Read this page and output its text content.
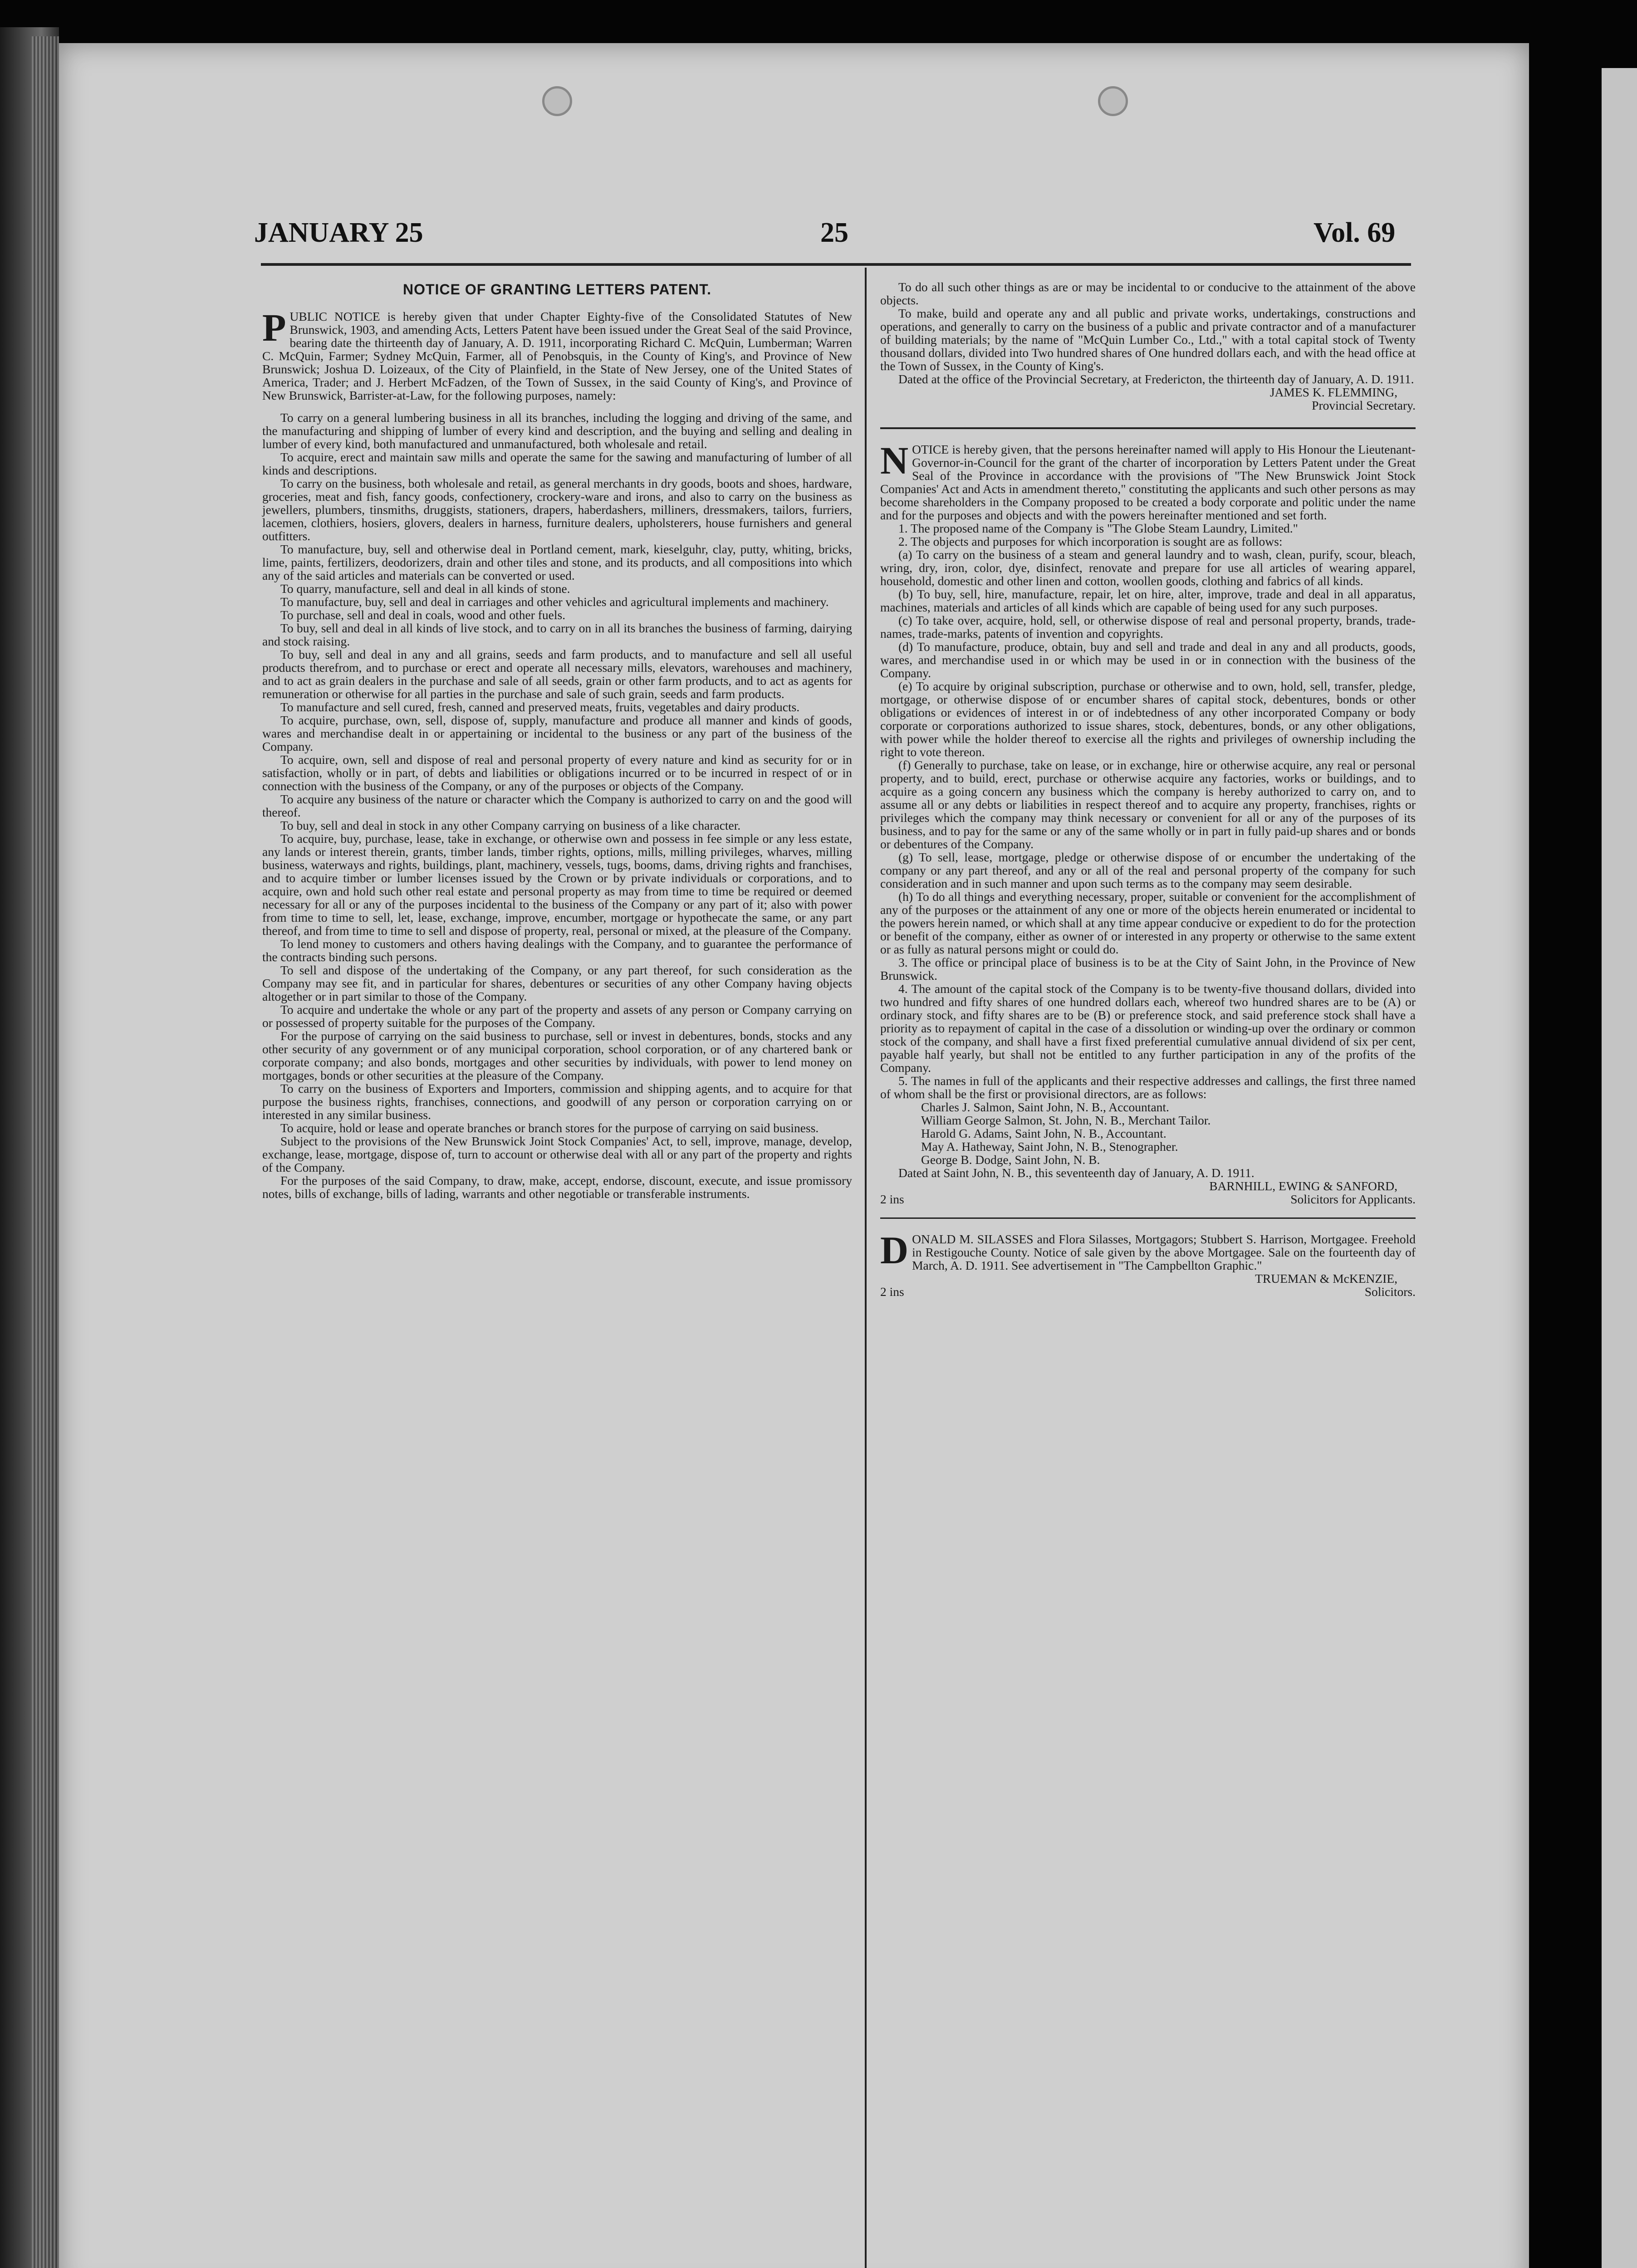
JANUARY 25	25	Vol. 69

NOTICE OF GRANTING LETTERS PATENT.

PUBLIC NOTICE is hereby given that under Chapter Eighty-five of the Consolidated Statutes of New Brunswick, 1903, and amending Acts, Letters Patent have been issued under the Great Seal of the said Province, bearing date the thirteenth day of January, A. D. 1911, incorporating Richard C. McQuin, Lumberman; Warren C. McQuin, Farmer; Sydney McQuin, Farmer, all of Penobsquis, in the County of King's, and Province of New Brunswick; Joshua D. Loizeaux, of the City of Plainfield, in the State of New Jersey, one of the United States of America, Trader; and J. Herbert McFadzen, of the Town of Sussex, in the said County of King's, and Province of New Brunswick, Barrister-at-Law, for the following purposes, namely:

To carry on a general lumbering business in all its branches, including the logging and driving of the same, and the manufacturing and shipping of lumber of every kind and description, and the buying and selling and dealing in lumber of every kind, both manufactured and unmanufactured, both wholesale and retail.

To acquire, erect and maintain saw mills and operate the same for the sawing and manufacturing of lumber of all kinds and descriptions.

To carry on the business, both wholesale and retail, as general merchants in dry goods, boots and shoes, hardware, groceries, meat and fish, fancy goods, confectionery, crockery-ware and irons, and also to carry on the business as jewellers, plumbers, tinsmiths, druggists, stationers, drapers, haberdashers, milliners, dressmakers, tailors, furriers, lacemen, clothiers, hosiers, glovers, dealers in harness, furniture dealers, upholsterers, house furnishers and general outfitters.

To manufacture, buy, sell and otherwise deal in Portland cement, mark, kieselguhr, clay, putty, whiting, bricks, lime, paints, fertilizers, deodorizers, drain and other tiles and stone, and its products, and all compositions into which any of the said articles and materials can be converted or used.

To quarry, manufacture, sell and deal in all kinds of stone.

To manufacture, buy, sell and deal in carriages and other vehicles and agricultural implements and machinery.

To purchase, sell and deal in coals, wood and other fuels.

To buy, sell and deal in all kinds of live stock, and to carry on in all its branches the business of farming, dairying and stock raising.

To buy, sell and deal in any and all grains, seeds and farm products, and to manufacture and sell all useful products therefrom, and to purchase or erect and operate all necessary mills, elevators, warehouses and machinery, and to act as grain dealers in the purchase and sale of all seeds, grain or other farm products, and to act as agents for remuneration or otherwise for all parties in the purchase and sale of such grain, seeds and farm products.

To manufacture and sell cured, fresh, canned and preserved meats, fruits, vegetables and dairy products.

To acquire, purchase, own, sell, dispose of, supply, manufacture and produce all manner and kinds of goods, wares and merchandise dealt in or appertaining or incidental to the business or any part of the business of the Company.

To acquire, own, sell and dispose of real and personal property of every nature and kind as security for or in satisfaction, wholly or in part, of debts and liabilities or obligations incurred or to be incurred in respect of or in connection with the business of the Company, or any of the purposes or objects of the Company.

To acquire any business of the nature or character which the Company is authorized to carry on and the good will thereof.

To buy, sell and deal in stock in any other Company carrying on business of a like character.

To acquire, buy, purchase, lease, take in exchange, or otherwise own and possess in fee simple or any less estate, any lands or interest therein, grants, timber lands, timber rights, options, mills, milling privileges, wharves, milling business, waterways and rights, buildings, plant, machinery, vessels, tugs, booms, dams, driving rights and franchises, and to acquire timber or lumber licenses issued by the Crown or by private individuals or corporations, and to acquire, own and hold such other real estate and personal property as may from time to time be required or deemed necessary for all or any of the purposes incidental to the business of the Company or any part of it; also with power from time to time to sell, let, lease, exchange, improve, encumber, mortgage or hypothecate the same, or any part thereof, and from time to time to sell and dispose of property, real, personal or mixed, at the pleasure of the Company.

To lend money to customers and others having dealings with the Company, and to guarantee the performance of the contracts binding such persons.

To sell and dispose of the undertaking of the Company, or any part thereof, for such consideration as the Company may see fit, and in particular for shares, debentures or securities of any other Company having objects altogether or in part similar to those of the Company.

To acquire and undertake the whole or any part of the property and assets of any person or Company carrying on or possessed of property suitable for the purposes of the Company.

For the purpose of carrying on the said business to purchase, sell or invest in debentures, bonds, stocks and any other security of any government or of any municipal corporation, school corporation, or of any chartered bank or corporate company; and also bonds, mortgages and other securities by individuals, with power to lend money on mortgages, bonds or other securities at the pleasure of the Company.

To carry on the business of Exporters and Importers, commission and shipping agents, and to acquire for that purpose the business rights, franchises, connections, and goodwill of any person or corporation carrying on or interested in any similar business.

To acquire, hold or lease and operate branches or branch stores for the purpose of carrying on said business.

Subject to the provisions of the New Brunswick Joint Stock Companies' Act, to sell, improve, manage, develop, exchange, lease, mortgage, dispose of, turn to account or otherwise deal with all or any part of the property and rights of the Company.

For the purposes of the said Company, to draw, make, accept, endorse, discount, execute, and issue promissory notes, bills of exchange, bills of lading, warrants and other negotiable or transferable instruments.

To do all such other things as are or may be incidental to or conducive to the attainment of the above objects.

To make, build and operate any and all public and private works, undertakings, constructions and operations, and generally to carry on the business of a public and private contractor and of a manufacturer of building materials; by the name of "McQuin Lumber Co., Ltd.," with a total capital stock of Twenty thousand dollars, divided into Two hundred shares of One hundred dollars each, and with the head office at the Town of Sussex, in the County of King's.

Dated at the office of the Provincial Secretary, at Fredericton, the thirteenth day of January, A. D. 1911.

JAMES K. FLEMMING,

Provincial Secretary.

NOTICE is hereby given, that the persons hereinafter named will apply to His Honour the Lieutenant-Governor-in-Council for the grant of the charter of incorporation by Letters Patent under the Great Seal of the Province in accordance with the provisions of "The New Brunswick Joint Stock Companies' Act and Acts in amendment thereto," constituting the applicants and such other persons as may become shareholders in the Company proposed to be created a body corporate and politic under the name and for the purposes and objects and with the powers hereinafter mentioned and set forth.

1. The proposed name of the Company is "The Globe Steam Laundry, Limited."

2. The objects and purposes for which incorporation is sought are as follows:

(a) To carry on the business of a steam and general laundry and to wash, clean, purify, scour, bleach, wring, dry, iron, color, dye, disinfect, renovate and prepare for use all articles of wearing apparel, household, domestic and other linen and cotton, woollen goods, clothing and fabrics of all kinds.

(b) To buy, sell, hire, manufacture, repair, let on hire, alter, improve, trade and deal in all apparatus, machines, materials and articles of all kinds which are capable of being used for any such purposes.

(c) To take over, acquire, hold, sell, or otherwise dispose of real and personal property, brands, trade-names, trade-marks, patents of invention and copyrights.

(d) To manufacture, produce, obtain, buy and sell and trade and deal in any and all products, goods, wares, and merchandise used in or which may be used in or in connection with the business of the Company.

(e) To acquire by original subscription, purchase or otherwise and to own, hold, sell, transfer, pledge, mortgage, or otherwise dispose of or encumber shares of capital stock, debentures, bonds or other obligations or evidences of interest in or of indebtedness of any other incorporated Company or body corporate or corporations authorized to issue shares, stock, debentures, bonds, or any other obligations, with power while the holder thereof to exercise all the rights and privileges of ownership including the right to vote thereon.

(f) Generally to purchase, take on lease, or in exchange, hire or otherwise acquire, any real or personal property, and to build, erect, purchase or otherwise acquire any factories, works or buildings, and to acquire as a going concern any business which the company is hereby authorized to carry on, and to assume all or any debts or liabilities in respect thereof and to acquire any property, franchises, rights or privileges which the company may think necessary or convenient for all or any of the purposes of its business, and to pay for the same or any of the same wholly or in part in fully paid-up shares and or bonds or debentures of the Company.

(g) To sell, lease, mortgage, pledge or otherwise dispose of or encumber the undertaking of the company or any part thereof, and any or all of the real and personal property of the company for such consideration and in such manner and upon such terms as to the company may seem desirable.

(h) To do all things and everything necessary, proper, suitable or convenient for the accomplishment of any of the purposes or the attainment of any one or more of the objects herein enumerated or incidental to the powers herein named, or which shall at any time appear conducive or expedient to do for the protection or benefit of the company, either as owner of or interested in any property or otherwise to the same extent or as fully as natural persons might or could do.

3. The office or principal place of business is to be at the City of Saint John, in the Province of New Brunswick.

4. The amount of the capital stock of the Company is to be twenty-five thousand dollars, divided into two hundred and fifty shares of one hundred dollars each, whereof two hundred shares are to be (A) or ordinary stock, and fifty shares are to be (B) or preference stock, and said preference stock shall have a priority as to repayment of capital in the case of a dissolution or winding-up over the ordinary or common stock of the company, and shall have a first fixed preferential cumulative annual dividend of six per cent, payable half yearly, but shall not be entitled to any further participation in any of the profits of the Company.

5. The names in full of the applicants and their respective addresses and callings, the first three named of whom shall be the first or provisional directors, are as follows:

Charles J. Salmon, Saint John, N. B., Accountant.

William George Salmon, St. John, N. B., Merchant Tailor.

Harold G. Adams, Saint John, N. B., Accountant.

May A. Hatheway, Saint John, N. B., Stenographer.

George B. Dodge, Saint John, N. B.

Dated at Saint John, N. B., this seventeenth day of January, A. D. 1911.

BARNHILL, EWING & SANFORD,

2 ins	Solicitors for Applicants.

DONALD M. SILASSES and Flora Silasses, Mortgagors; Stubbert S. Harrison, Mortgagee. Freehold in Restigouche County. Notice of sale given by the above Mortgagee. Sale on the fourteenth day of March, A. D. 1911. See advertisement in "The Campbellton Graphic."

TRUEMAN & McKENZIE,

2 ins	Solicitors.
